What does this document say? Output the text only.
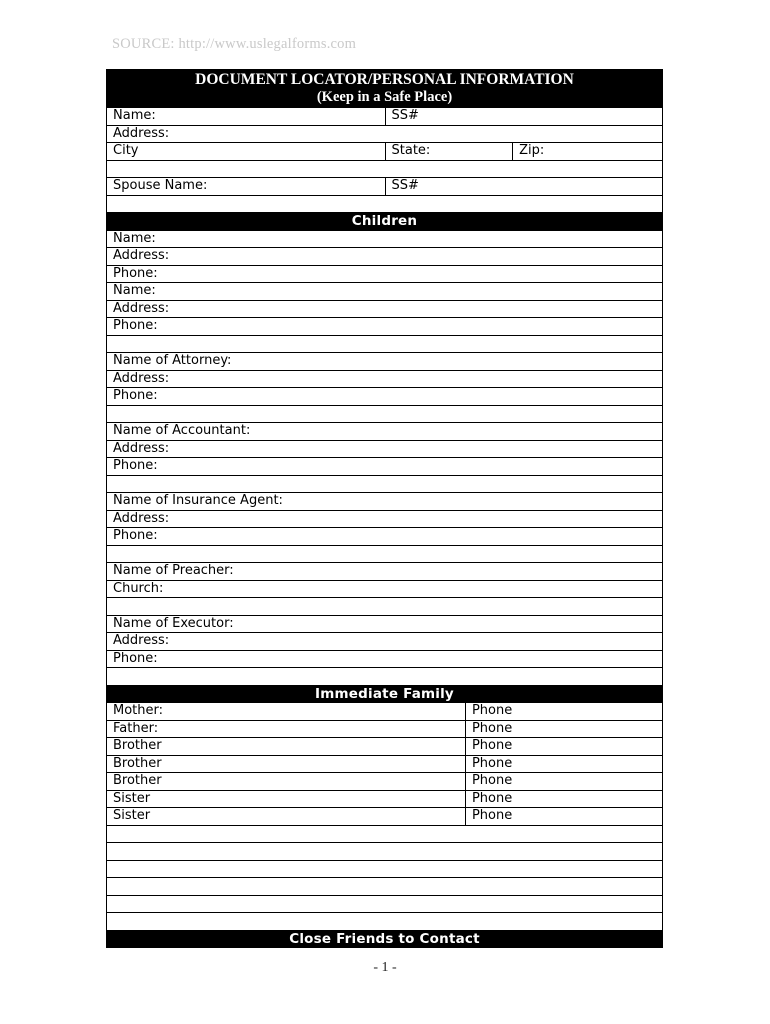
SOURCE: http://www.uslegalforms.com
DOCUMENT LOCATOR/PERSONAL INFORMATION
(Keep in a Safe Place)
Name:	SS#
Address:
City	State:	Zip:
Spouse Name:	SS#
Children
Name:
Address:
Phone:
Name:
Address:
Phone:
Name of Attorney:
Address:
Phone:
Name of Accountant:
Address:
Phone:
Name of Insurance Agent:
Address:
Phone:
Name of Preacher:
Church:
Name of Executor:
Address:
Phone:
Immediate Family
Mother:	Phone
Father:	Phone
Brother	Phone
Brother	Phone
Brother	Phone
Sister	Phone
Sister	Phone
Close Friends to Contact
- 1 -
